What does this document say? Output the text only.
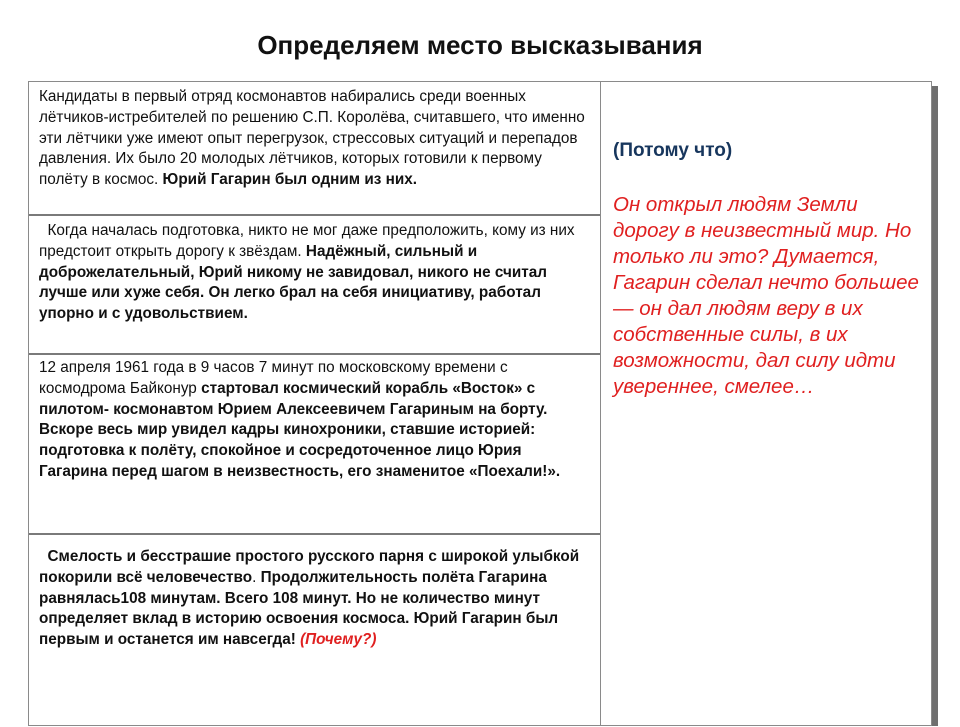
Определяем место высказывания
Кандидаты в первый отряд космонавтов набирались среди военных лётчиков-истребителей по решению С.П. Королёва, считавшего, что именно эти лётчики уже имеют опыт перегрузок, стрессовых ситуаций и перепадов давления. Их было 20 молодых лётчиков, которых готовили к первому полёту в космос. Юрий Гагарин был одним из них.
Когда началась подготовка, никто не мог даже предположить, кому из них предстоит открыть дорогу к звёздам. Надёжный, сильный и доброжелательный, Юрий никому не завидовал, никого не считал лучше или хуже себя. Он легко брал на себя инициативу, работал упорно и с удовольствием.
12 апреля 1961 года в 9 часов 7 минут по московскому времени с космодрома Байконур стартовал космический корабль «Восток» с пилотом- космонавтом Юрием Алексеевичем Гагариным на борту. Вскоре весь мир увидел кадры кинохроники, ставшие историей: подготовка к полёту, спокойное и сосредоточенное лицо Юрия Гагарина перед шагом в неизвестность, его знаменитое «Поехали!».
Смелость и бесстрашие простого русского парня с широкой улыбкой покорили всё человечество. Продолжительность полёта Гагарина равнялась108 минутам. Всего 108 минут. Но не количество минут определяет вклад в историю освоения космоса. Юрий Гагарин был первым и останется им навсегда! (Почему?)
(Потому что)
Он открыл людям Земли дорогу в неизвестный мир. Но только ли это? Думается, Гагарин сделал нечто большее — он дал людям веру в их собственные силы, в их возможности, дал силу идти увереннее, смелее…
